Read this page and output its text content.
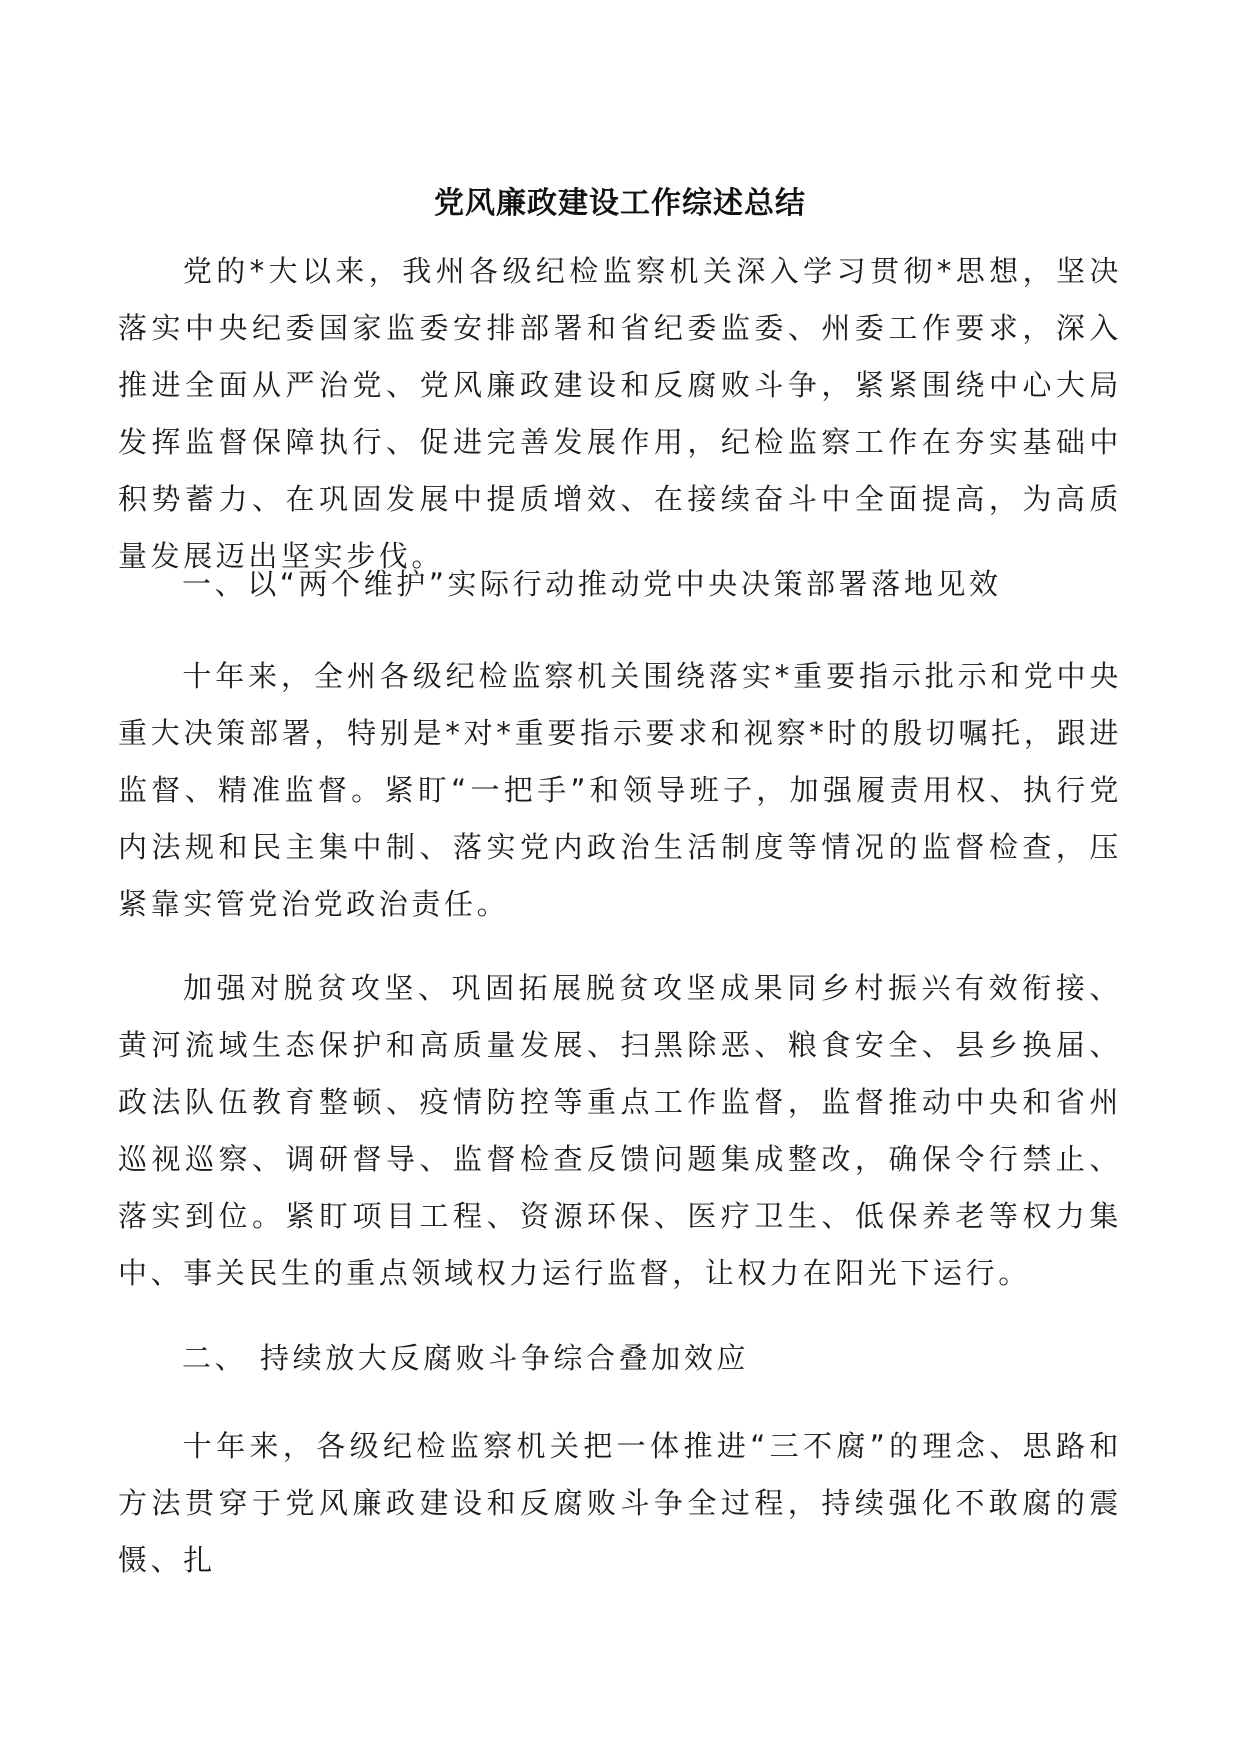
党风廉政建设工作综述总结

党的*大以来，我州各级纪检监察机关深入学习贯彻*思想，坚决落实中央纪委国家监委安排部署和省纪委监委、州委工作要求，深入推进全面从严治党、党风廉政建设和反腐败斗争，紧紧围绕中心大局发挥监督保障执行、促进完善发展作用，纪检监察工作在夯实基础中积势蓄力、在巩固发展中提质增效、在接续奋斗中全面提高，为高质量发展迈出坚实步伐。

一、以“两个维护”实际行动推动党中央决策部署落地见效

十年来，全州各级纪检监察机关围绕落实*重要指示批示和党中央重大决策部署，特别是*对*重要指示要求和视察*时的殷切嘱托，跟进监督、精准监督。紧盯“一把手”和领导班子，加强履责用权、执行党内法规和民主集中制、落实党内政治生活制度等情况的监督检查，压紧靠实管党治党政治责任。

加强对脱贫攻坚、巩固拓展脱贫攻坚成果同乡村振兴有效衔接、黄河流域生态保护和高质量发展、扫黑除恶、粮食安全、县乡换届、政法队伍教育整顿、疫情防控等重点工作监督，监督推动中央和省州巡视巡察、调研督导、监督检查反馈问题集成整改，确保令行禁止、落实到位。紧盯项目工程、资源环保、医疗卫生、低保养老等权力集中、事关民生的重点领域权力运行监督，让权力在阳光下运行。

二、 持续放大反腐败斗争综合叠加效应

十年来，各级纪检监察机关把一体推进“三不腐”的理念、思路和方法贯穿于党风廉政建设和反腐败斗争全过程，持续强化不敢腐的震慑、扎
